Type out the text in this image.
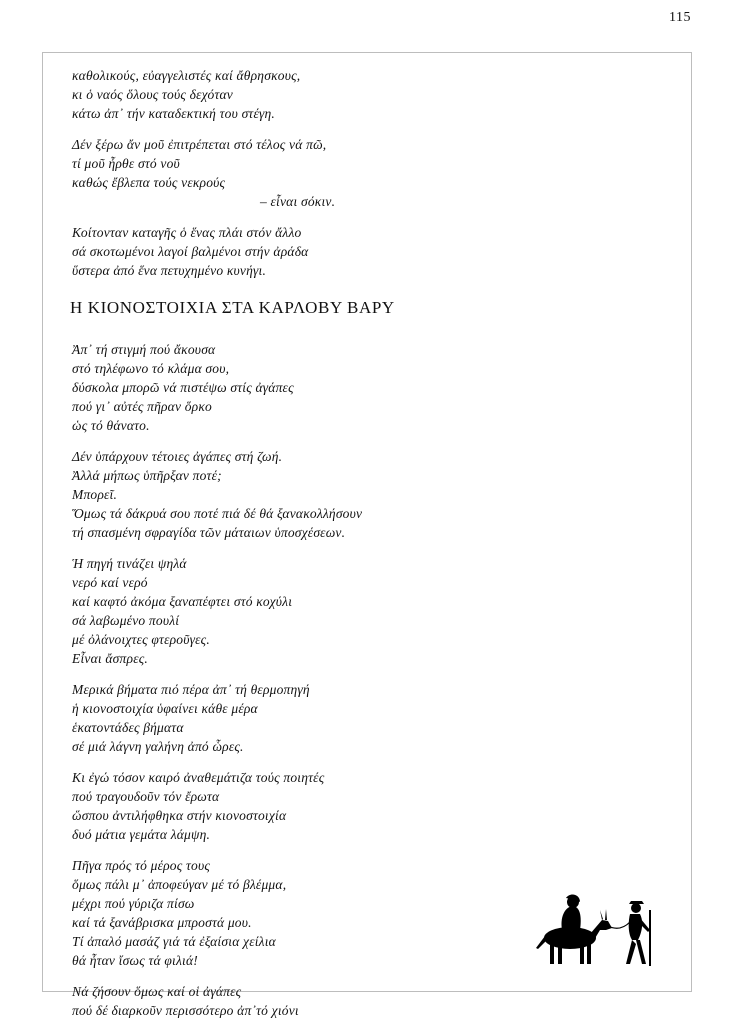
115
καθολικούς, εὐαγγελιστές καί ἄθρησκους,
κι ὁ ναός ὅλους τούς δεχόταν
κάτω ἀπ᾽ τήν καταδεκτική του στέγη.
Δέν ξέρω ἄν μοῦ ἐπιτρέπεται στό τέλος νά πῶ,
τί μοῦ ἦρθε στό νοῦ
καθώς ἔβλεπα τούς νεκρούς
– εἶναι σόκιν.
Κοίτονταν καταγῆς ὁ ἕνας πλάι στόν ἄλλο
σά σκοτωμένοι λαγοί βαλμένοι στήν ἀράδα
ὕστερα ἀπό ἕνα πετυχημένο κυνήγι.
Η ΚΙΟΝΟΣΤΟΙΧΙΑ ΣΤΑ ΚΑΡΛΟΒΥ ΒΑΡΥ
Ἀπ᾽ τή στιγμή πού ἄκουσα
στό τηλέφωνο τό κλάμα σου,
δύσκολα μπορῶ νά πιστέψω στίς ἀγάπες
πού γι᾽ αὐτές πῆραν ὅρκο
ὡς τό θάνατο.
Δέν ὑπάρχουν τέτοιες ἀγάπες στή ζωή.
Ἀλλά μήπως ὑπῆρξαν ποτέ;
Μπορεῖ.
Ὅμως τά δάκρυά σου ποτέ πιά δέ θά ξανακολλήσουν
τή σπασμένη σφραγίδα τῶν μάταιων ὑποσχέσεων.
Ἡ πηγή τινάζει ψηλά
νερό καί νερό
καί καφτό ἀκόμα ξαναπέφτει στό κοχύλι
σά λαβωμένο πουλί
μέ ὀλάνοιχτες φτεροῦγες.
Εἶναι ἄσπρες.
Μερικά βήματα πιό πέρα ἀπ᾽ τή θερμοπηγή
ἡ κιονοστοιχία ὑφαίνει κάθε μέρα
ἑκατοντάδες βήματα
σέ μιά λάγνη γαλήνη ἀπό ὧρες.
Κι ἐγώ τόσον καιρό ἀναθεμάτιζα τούς ποιητές
πού τραγουδοῦν τόν ἔρωτα
ὥσπου ἀντιλήφθηκα στήν κιονοστοιχία
δυό μάτια γεμάτα λάμψη.
Πῆγα πρός τό μέρος τους
ὅμως πάλι μ᾽ ἀποφεύγαν μέ τό βλέμμα,
μέχρι πού γύριζα πίσω
καί τά ξανάβρισκα μπροστά μου.
Τί ἀπαλό μασάζ γιά τά ἐξαίσια χείλια
θά ἦταν ἴσως τά φιλιά!
Νά ζήσουν ὅμως καί οἱ ἀγάπες
πού δέ διαρκοῦν περισσότερο ἀπ᾽τό χιόνι
